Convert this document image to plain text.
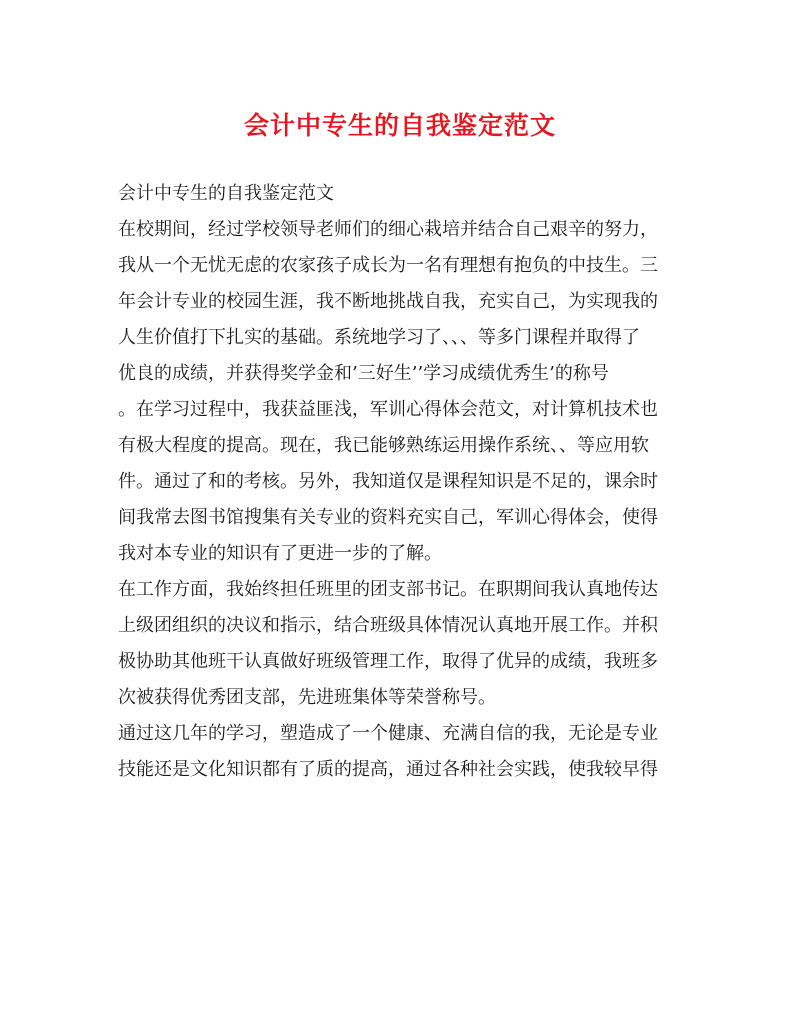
会计中专生的自我鉴定范文
会计中专生的自我鉴定范文
在校期间，经过学校领导老师们的细心栽培并结合自己艰辛的努力，
我从一个无忧无虑的农家孩子成长为一名有理想有抱负的中技生。三
年会计专业的校园生涯，我不断地挑战自我，充实自己，为实现我的
人生价值打下扎实的基础。系统地学习了、、、等多门课程并取得了
优良的成绩，并获得奖学金和’三好生’’学习成绩优秀生’的称号
。在学习过程中，我获益匪浅，军训心得体会范文，对计算机技术也
有极大程度的提高。现在，我已能够熟练运用操作系统、、等应用软
件。通过了和的考核。另外，我知道仅是课程知识是不足的，课余时
间我常去图书馆搜集有关专业的资料充实自己，军训心得体会，使得
我对本专业的知识有了更进一步的了解。
在工作方面，我始终担任班里的团支部书记。在职期间我认真地传达
上级团组织的决议和指示，结合班级具体情况认真地开展工作。并积
极协助其他班干认真做好班级管理工作，取得了优异的成绩，我班多
次被获得优秀团支部，先进班集体等荣誉称号。
通过这几年的学习，塑造成了一个健康、充满自信的我，无论是专业
技能还是文化知识都有了质的提高，通过各种社会实践，使我较早得
